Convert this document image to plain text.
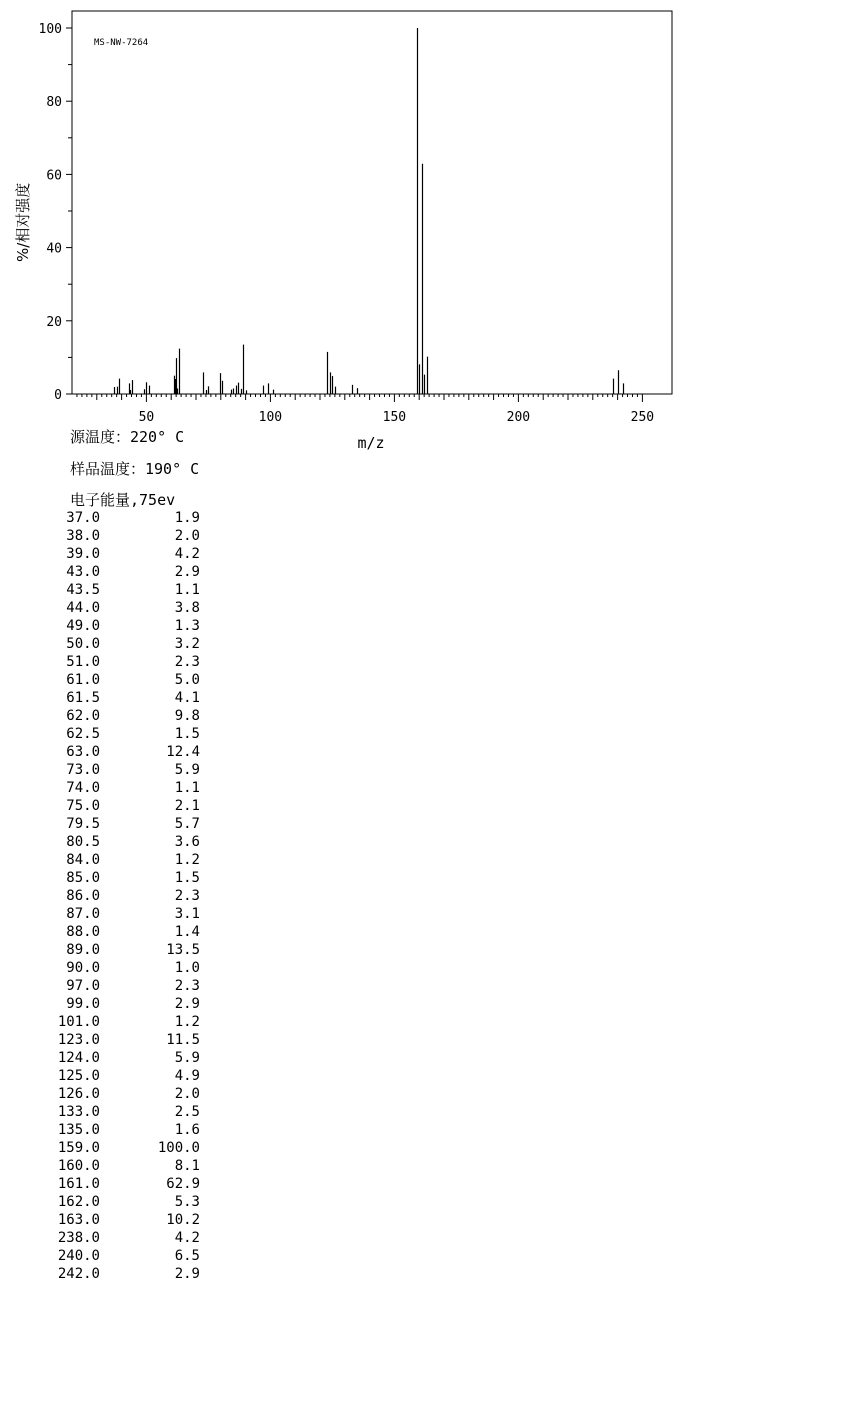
0
20
40
60
80
100
50	100	150	200	250
MS-NW-7264
%/相对强度
m/z
源温度：220° C
样品温度：190° C
电子能量,75ev
37.0	1.9
38.0	2.0
39.0	4.2
43.0	2.9
43.5	1.1
44.0	3.8
49.0	1.3
50.0	3.2
51.0	2.3
61.0	5.0
61.5	4.1
62.0	9.8
62.5	1.5
63.0	12.4
73.0	5.9
74.0	1.1
75.0	2.1
79.5	5.7
80.5	3.6
84.0	1.2
85.0	1.5
86.0	2.3
87.0	3.1
88.0	1.4
89.0	13.5
90.0	1.0
97.0	2.3
99.0	2.9
101.0	1.2
123.0	11.5
124.0	5.9
125.0	4.9
126.0	2.0
133.0	2.5
135.0	1.6
159.0	100.0
160.0	8.1
161.0	62.9
162.0	5.3
163.0	10.2
238.0	4.2
240.0	6.5
242.0	2.9
